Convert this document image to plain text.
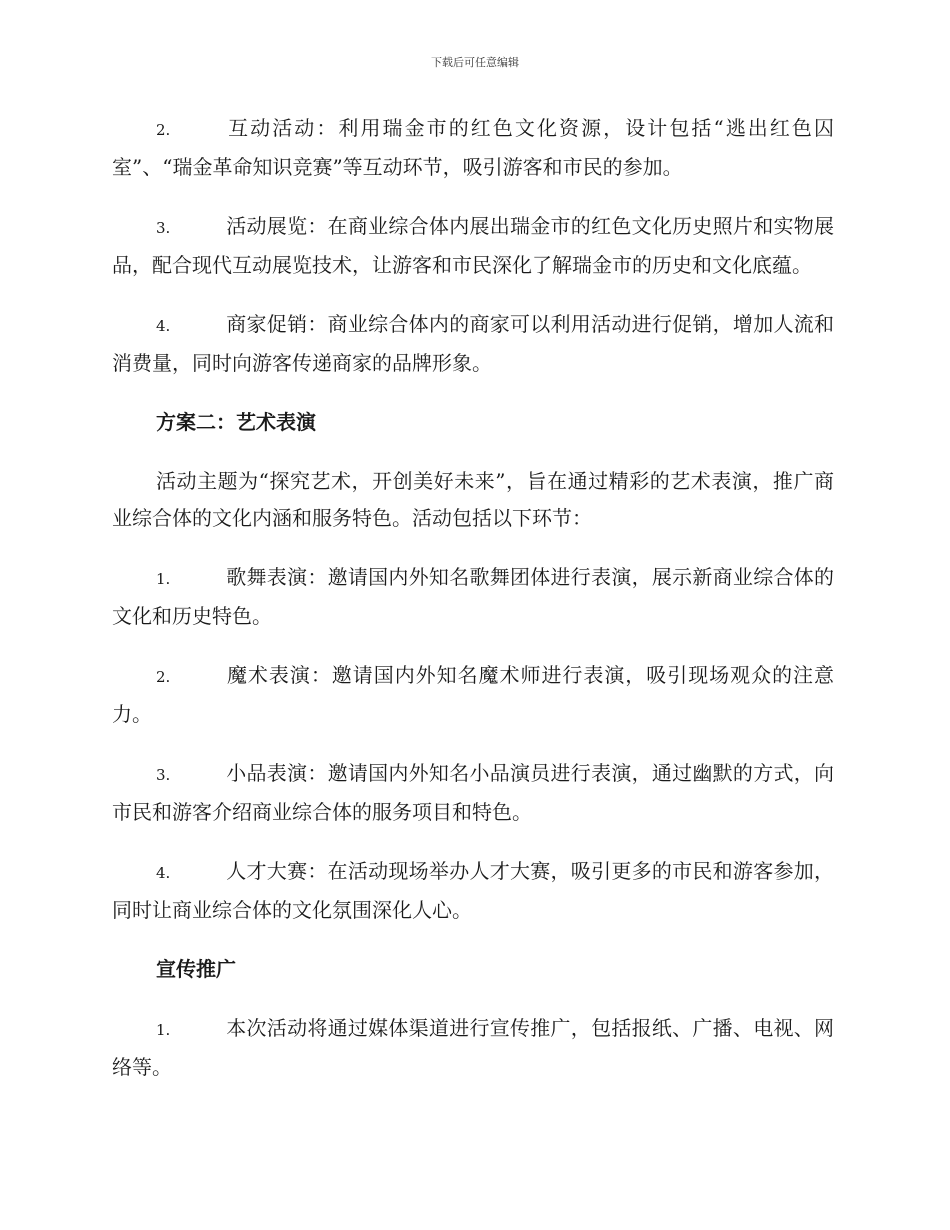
下载后可任意编辑

2.	互动活动：利用瑞金市的红色文化资源，设计包括“逃出红色囚室”、“瑞金革命知识竞赛”等互动环节，吸引游客和市民的参加。

3.	活动展览：在商业综合体内展出瑞金市的红色文化历史照片和实物展品，配合现代互动展览技术，让游客和市民深化了解瑞金市的历史和文化底蕴。

4.	商家促销：商业综合体内的商家可以利用活动进行促销，增加人流和消费量，同时向游客传递商家的品牌形象。

方案二：艺术表演

活动主题为“探究艺术，开创美好未来”，旨在通过精彩的艺术表演，推广商业综合体的文化内涵和服务特色。活动包括以下环节：

1.	歌舞表演：邀请国内外知名歌舞团体进行表演，展示新商业综合体的文化和历史特色。

2.	魔术表演：邀请国内外知名魔术师进行表演，吸引现场观众的注意力。

3.	小品表演：邀请国内外知名小品演员进行表演，通过幽默的方式，向市民和游客介绍商业综合体的服务项目和特色。

4.	人才大赛：在活动现场举办人才大赛，吸引更多的市民和游客参加，同时让商业综合体的文化氛围深化人心。

宣传推广

1.	本次活动将通过媒体渠道进行宣传推广，包括报纸、广播、电视、网络等。
